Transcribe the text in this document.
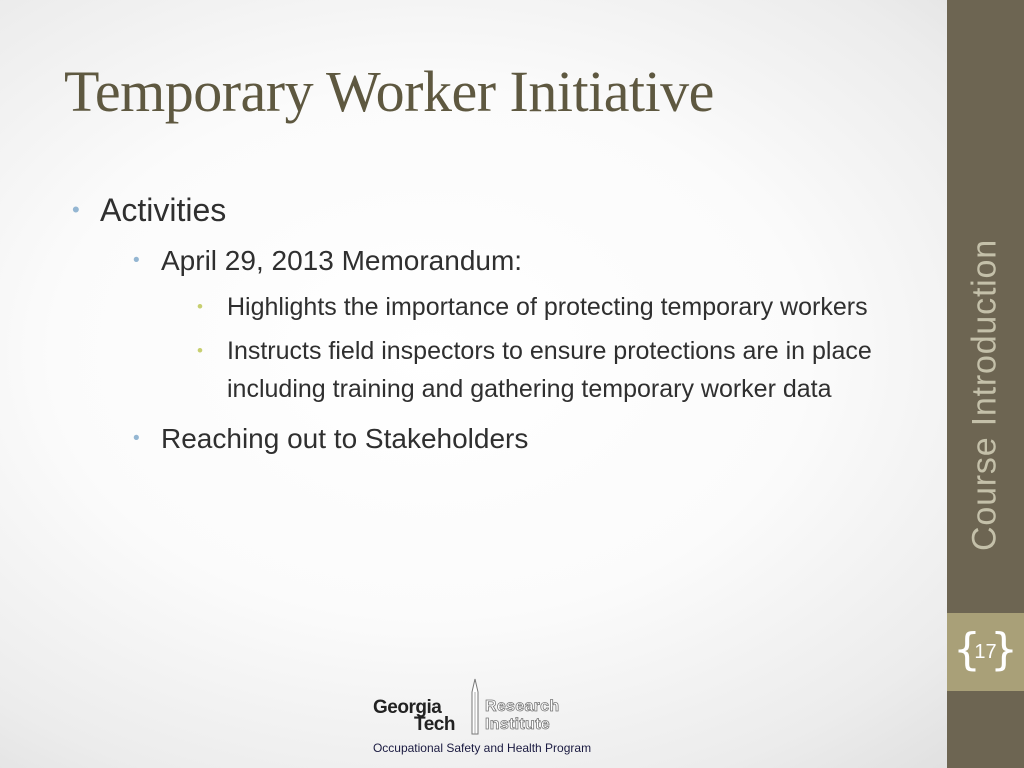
Temporary Worker Initiative
• Activities
• April 29, 2013 Memorandum:
• Highlights the importance of protecting temporary workers
• Instructs field inspectors to ensure protections are in place including training and gathering temporary worker data
• Reaching out to Stakeholders	Course Introduction
{
17
}
Georgia
Tech
Research
Institute
Occupational Safety and Health Program
